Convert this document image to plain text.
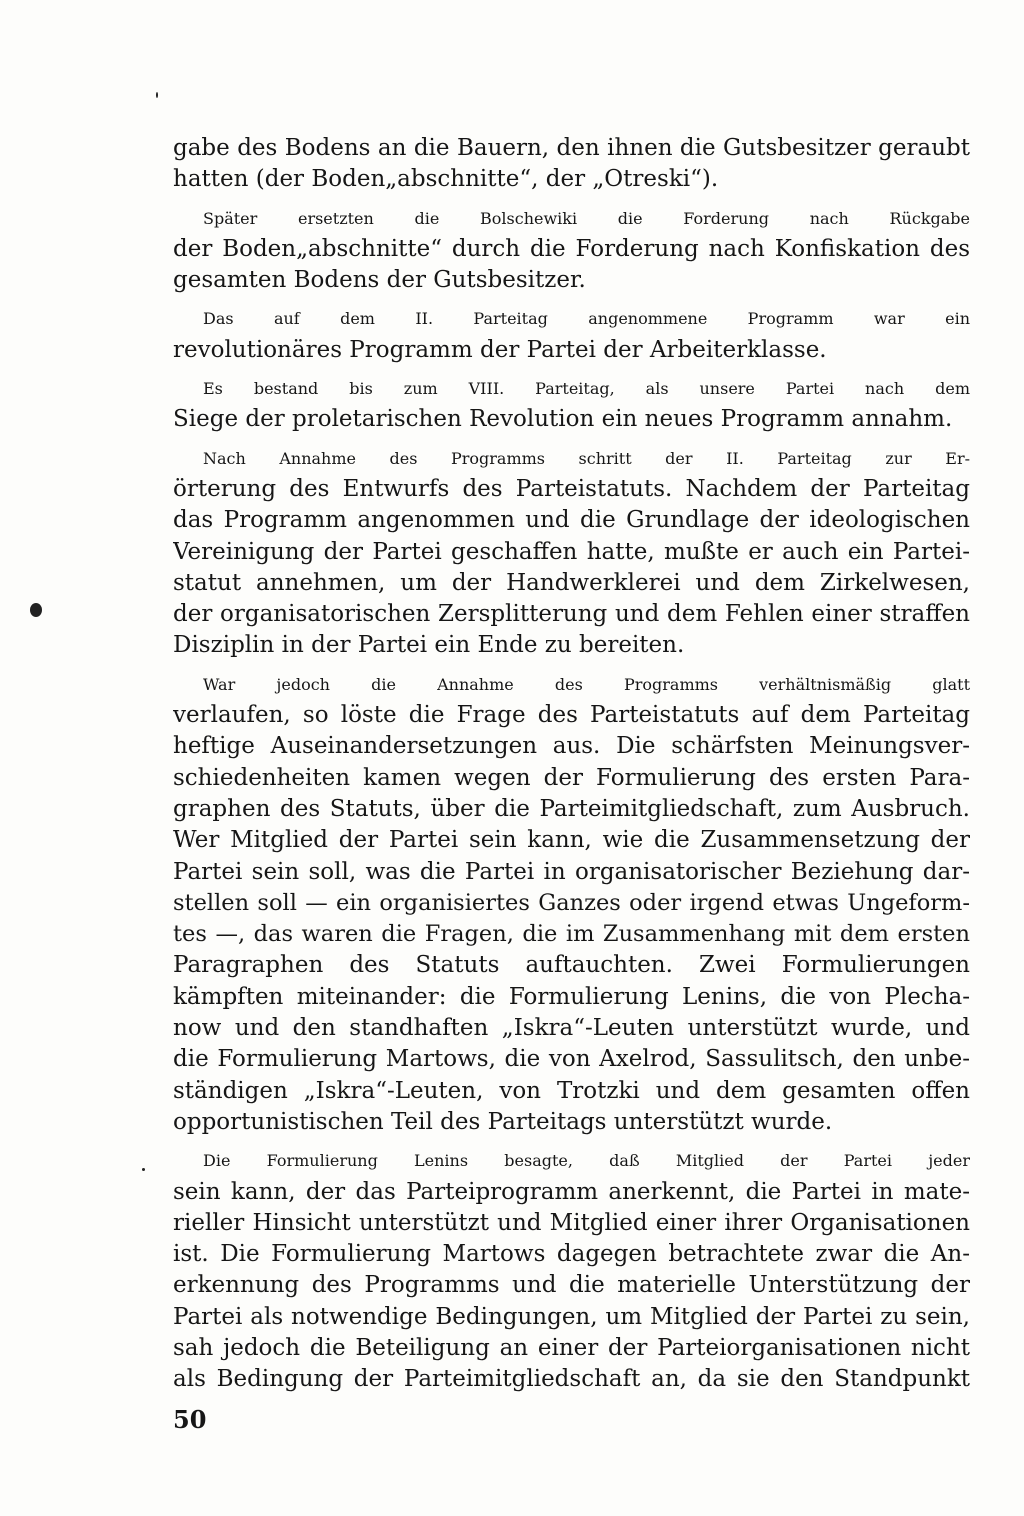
gabe des Bodens an die Bauern, den ihnen die Gutsbesitzer geraubt
hatten (der Boden„abschnitte“, der „Otreski“).
Später ersetzten die Bolschewiki die Forderung nach Rückgabe
der Boden„abschnitte“ durch die Forderung nach Konfiskation des
gesamten Bodens der Gutsbesitzer.
Das auf dem II. Parteitag angenommene Programm war ein
revolutionäres Programm der Partei der Arbeiterklasse.
Es bestand bis zum VIII. Parteitag, als unsere Partei nach dem
Siege der proletarischen Revolution ein neues Programm annahm.
Nach Annahme des Programms schritt der II. Parteitag zur Er-
örterung des Entwurfs des Parteistatuts. Nachdem der Parteitag
das Programm angenommen und die Grundlage der ideologischen
Vereinigung der Partei geschaffen hatte, mußte er auch ein Partei-
statut annehmen, um der Handwerklerei und dem Zirkelwesen,
der organisatorischen Zersplitterung und dem Fehlen einer straffen
Disziplin in der Partei ein Ende zu bereiten.
War jedoch die Annahme des Programms verhältnismäßig glatt
verlaufen, so löste die Frage des Parteistatuts auf dem Parteitag
heftige Auseinandersetzungen aus. Die schärfsten Meinungsver-
schiedenheiten kamen wegen der Formulierung des ersten Para-
graphen des Statuts, über die Parteimitgliedschaft, zum Ausbruch.
Wer Mitglied der Partei sein kann, wie die Zusammensetzung der
Partei sein soll, was die Partei in organisatorischer Beziehung dar-
stellen soll — ein organisiertes Ganzes oder irgend etwas Ungeform-
tes —, das waren die Fragen, die im Zusammenhang mit dem ersten
Paragraphen des Statuts auftauchten. Zwei Formulierungen
kämpften miteinander: die Formulierung Lenins, die von Plecha-
now und den standhaften „Iskra“-Leuten unterstützt wurde, und
die Formulierung Martows, die von Axelrod, Sassulitsch, den unbe-
ständigen „Iskra“-Leuten, von Trotzki und dem gesamten offen
opportunistischen Teil des Parteitags unterstützt wurde.
Die Formulierung Lenins besagte, daß Mitglied der Partei jeder
sein kann, der das Parteiprogramm anerkennt, die Partei in mate-
rieller Hinsicht unterstützt und Mitglied einer ihrer Organisationen
ist. Die Formulierung Martows dagegen betrachtete zwar die An-
erkennung des Programms und die materielle Unterstützung der
Partei als notwendige Bedingungen, um Mitglied der Partei zu sein,
sah jedoch die Beteiligung an einer der Parteiorganisationen nicht
als Bedingung der Parteimitgliedschaft an, da sie den Standpunkt
50
